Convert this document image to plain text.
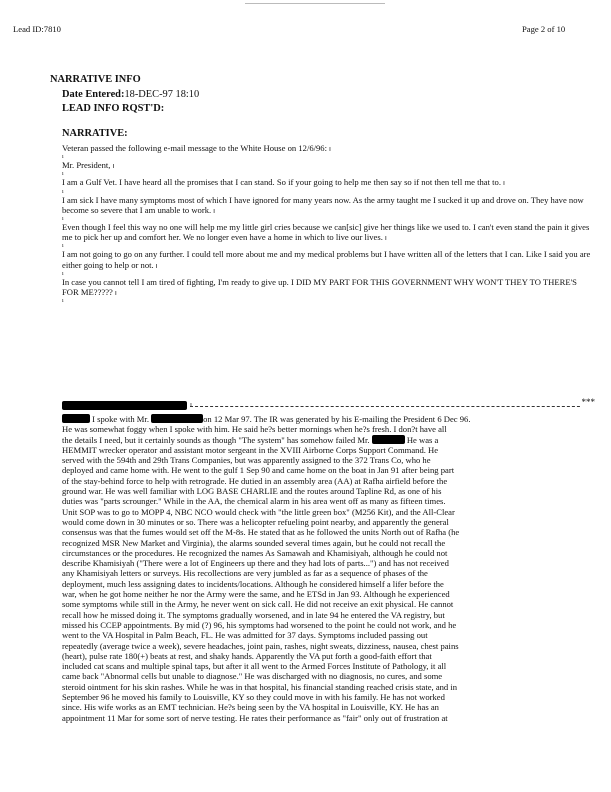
Lead ID:7810	Page 2 of 10
NARRATIVE INFO
Date Entered:18-DEC-97 18:10
LEAD INFO RQST'D:
NARRATIVE:

Veteran passed the following e-mail message to the White House on 12/6/96: ı

ı

Mr. President, ı

ı

I am a Gulf Vet. I have heard all the promises that I can stand. So if your going to help me then say so if not then tell me that to. ı

ı

I am sick I have many symptoms most of which I have ignored for many years now. As the army taught me I sucked it up and drove on. They have now become so severe that I am unable to work. ı

ı

Even though I feel this way no one will help me my little girl cries because we can[sic] give her things like we used to. I can't even stand the pain it gives me to pick her up and comfort her. We no longer even have a home in which to live our lives. ı

ı

I am not going to go on any further. I could tell more about me and my medical problems but I have written all of the letters that I can. Like I said you are either going to help or not. ı

ı

In case you cannot tell I am tired of fighting, I'm ready to give up. I DID MY PART FOR THIS GOVERNMENT WHY WON'T THEY TO THERE'S FOR ME????? ı

ı

ı	***
I spoke with Mr.	on 12 Mar 97. The IR was generated by his E-mailing the President 6 Dec 96.
He was somewhat foggy when I spoke with him. He said he?s better mornings when he?s fresh. I don?t have all
the details I need, but it certainly sounds as though "The system" has somehow failed Mr.	He was a
HEMMIT wrecker operator and assistant motor sergeant in the XVIII Airborne Corps Support Command. He
served with the 594th and 29th Trans Companies, but was apparently assigned to the 372 Trans Co, who he
deployed and came home with. He went to the gulf 1 Sep 90 and came home on the boat in Jan 91 after being part
of the stay-behind force to help with retrograde. He dutied in an assembly area (AA) at Rafha airfield before the
ground war. He was well familiar with LOG BASE CHARLIE and the routes around Tapline Rd, as one of his
duties was "parts scrounger." While in the AA, the chemical alarm in his area went off as many as fifteen times.
Unit SOP was to go to MOPP 4, NBC NCO would check with "the little green box" (M256 Kit), and the All-Clear
would come down in 30 minutes or so. There was a helicopter refueling point nearby, and apparently the general
consensus was that the fumes would set off the M-8s. He stated that as he followed the units North out of Rafha (he
recognized MSR New Market and Virginia), the alarms sounded several times again, but he could not recall the
circumstances or the procedures. He recognized the names As Samawah and Khamisiyah, although he could not
describe Khamisiyah ("There were a lot of Engineers up there and they had lots of parts...") and has not received
any Khamisiyah letters or surveys. His recollections are very jumbled as far as a sequence of phases of the
deployment, much less assigning dates to incidents/locations. Although he considered himself a lifer before the
war, when he got home neither he nor the Army were the same, and he ETSd in Jan 93. Although he experienced
some symptoms while still in the Army, he never went on sick call. He did not receive an exit physical. He cannot
recall how he missed doing it. The symptoms gradually worsened, and in late 94 he entered the VA registry, but
missed his CCEP appointments. By mid (?) 96, his symptoms had worsened to the point he could not work, and he
went to the VA Hospital in Palm Beach, FL. He was admitted for 37 days. Symptoms included passing out
repeatedly (average twice a week), severe headaches, joint pain, rashes, night sweats, dizziness, nausea, chest pains
(heart), pulse rate 180(+) beats at rest, and shaky hands. Apparently the VA put forth a good-faith effort that
included cat scans and multiple spinal taps, but after it all went to the Armed Forces Institute of Pathology, it all
came back "Abnormal cells but unable to diagnose." He was discharged with no diagnosis, no cures, and some
steroid ointment for his skin rashes. While he was in that hospital, his financial standing reached crisis state, and in
September 96 he moved his family to Louisville, KY so they could move in with his family. He has not worked
since. His wife works as an EMT technician. He?s being seen by the VA hospital in Louisville, KY. He has an
appointment 11 Mar for some sort of nerve testing. He rates their performance as "fair" only out of frustration at
